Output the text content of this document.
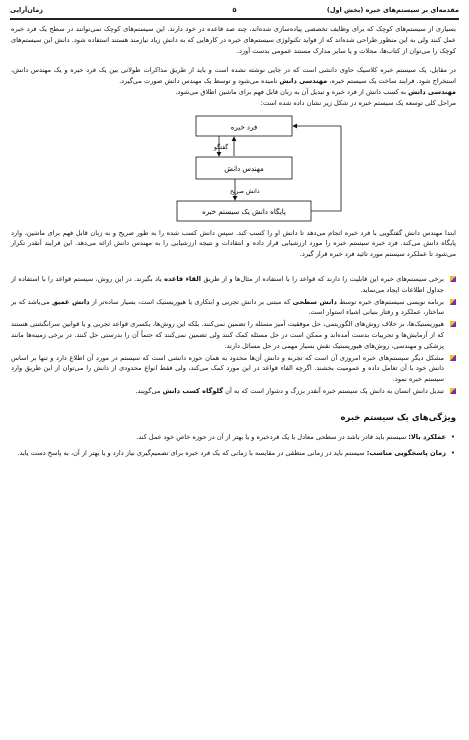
مقدمه‌ای بر سیستم‌های خبره (بخش اول)
۵
زمان‌آرایی

بسیاری از سیستم‌های کوچک که برای وظایف تخصصی پیاده‌سازی شده‌اند، چند صد قاعده در خود دارند. این سیستم‌های کوچک نمی‌توانند در سطح یک فرد خبره عمل کنند ولی به این منظور طراحی شده‌اند که از فواید تکنولوژی سیستم‌های خبره در کارهایی که به دانش زیاد نیازمند هستند استفاده شود. دانش این سیستم‌های کوچک را می‌توان از کتاب‌ها، مجلات و یا سایر مدارک مستند عمومی بدست آورد.

در مقابل، یک سیستم خبره کلاسیک حاوی دانشی است که در جایی نوشته نشده است و باید از طریق مذاکرات طولانی بین یک فرد خبره و یک مهندس دانش، استخراج شود. فرایند ساخت یک سیستم خبره، مهندسی دانش نامیده می‌شود و توسط یک مهندس دانش صورت می‌گیرد.

مهندسی دانش به کسب دانش از فرد خبره و تبدیل آن به زبان قابل فهم برای ماشین اطلاق می‌شود.

مراحل کلی توسعه یک سیستم خبره در شکل زیر نشان داده شده است:

فرد خبره
مهندس دانش
پایگاه دانش یک سیستم خبره
گفتگو
دانش صریح

ابتدا مهندس دانش گفتگویی با فرد خبره انجام می‌دهد تا دانش او را کسب کند. سپس دانش کسب شده را به طور صریح و به زبان قابل فهم برای ماشین، وارد پایگاه دانش می‌کند. فرد خبره سیستم خبره را مورد ارزشیابی قرار داده و انتقادات و نتیجه ارزشیابی را به مهندس دانش ارائه می‌دهد. این فرایند آنقدر تکرار می‌شود تا عملکرد سیستم مورد تائید فرد خبره قرار گیرد.

برخی سیستم‌های خبره این قابلیت را دارند که قواعد را با استفاده از مثال‌ها و از طریق القاء قاعده یاد بگیرند. در این روش، سیستم قواعد را با استفاده از جداول اطلاعات ایجاد می‌نماید.
برنامه نویسی سیستم‌های خبره توسط دانش سطحی که مبتنی بر دانش تجربی و ابتکاری یا هیوریستیک است، بسیار ساده‌تر از دانش عمیق می‌باشد که بر ساختار، عملکرد و رفتار بنیانی اشیاء استوار است.
هیوریستیک‌ها، بر خلاف روش‌های الگوریتمی، حل موفقیت آمیز مسئله را تضمین نمی‌کنند. بلکه این روش‌ها، یکسری قواعد تجربی و یا قوانین سرانگشتی هستند که از آزمایش‌ها و تجربیات بدست آمده‌اند و ممکن است در حل مسئله کمک کنند ولی تضمین نمی‌کنند که حتماً آن را بدرستی حل کنند. در برخی زمینه‌ها مانند پزشکی و مهندسی، روش‌های هیوریستیک نقش بسیار مهمی در حل مسائل دارند.
مشکل دیگر سیستم‌های خبره امروزی آن است که تجربه و دانش آن‌ها محدود به همان حوزه دانشی است که سیستم در مورد آن اطلاع دارد و تنها بر اساس دانش خود با آن تعامل داده و عمومیت بخشند. اگرچه القاء قواعد در این مورد کمک می‌کند، ولی فقط انواع محدودی از دانش را می‌توان از این طریق وارد سیستم خبره نمود.
تبدیل دانش انسان به دانش یک سیستم خبره آنقدر بزرگ و دشوار است که به آن گلوگاه کسب دانش می‌گویند.
ویژگی‌های یک سیستم خبره
•
عملکرد بالا: سیستم باید قادر باشد در سطحی معادل با یک فردخبره و یا بهتر از آن در حوزه خاص خود عمل کند.
•
زمان پاسخگویی مناسب: سیستم باید در زمانی منطقی در مقایسه با زمانی که یک فرد خبره برای تصمیم‌گیری نیاز دارد و یا بهتر از آن، به پاسخ دست یابد.
